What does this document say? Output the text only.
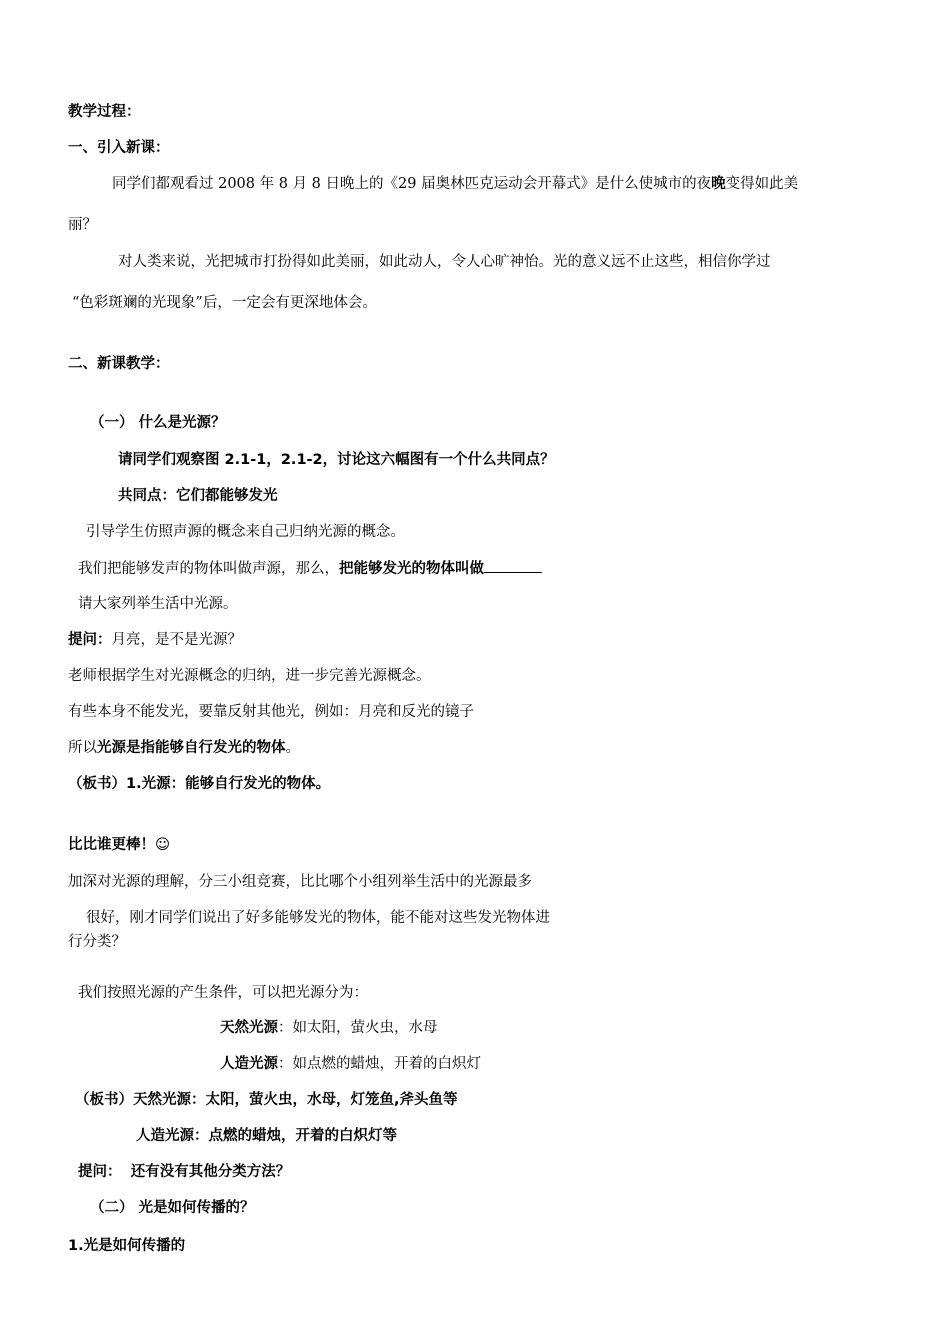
教学过程：
一、引入新课：
同学们都观看过 2008 年 8 月 8 日晚上的《29 届奥林匹克运动会开幕式》是什么使城市的夜晚变得如此美
丽？
对人类来说，光把城市打扮得如此美丽，如此动人，令人心旷神怡。光的意义远不止这些，相信你学过
“色彩斑斓的光现象”后，一定会有更深地体会。
二、新课教学：
（一） 什么是光源？
请同学们观察图 2.1-1，2.1-2，讨论这六幅图有一个什么共同点？
共同点：它们都能够发光
引导学生仿照声源的概念来自己归纳光源的概念。
我们把能够发声的物体叫做声源，那么，把能够发光的物体叫做
请大家列举生活中光源。
提问：月亮，是不是光源？
老师根据学生对光源概念的归纳，进一步完善光源概念。
有些本身不能发光，要靠反射其他光，例如：月亮和反光的镜子
所以光源是指能够自行发光的物体。
（板书）1.光源：能够自行发光的物体。
比比谁更棒！☺
加深对光源的理解，分三小组竞赛，比比哪个小组列举生活中的光源最多
很好，刚才同学们说出了好多能够发光的物体，能不能对这些发光物体进
行分类？
我们按照光源的产生条件，可以把光源分为：
天然光源：如太阳，萤火虫，水母
人造光源：如点燃的蜡烛，开着的白炽灯
（板书）天然光源：太阳，萤火虫，水母，灯笼鱼,斧头鱼等
人造光源：点燃的蜡烛，开着的白炽灯等
提问： 还有没有其他分类方法？
（二） 光是如何传播的？
1.光是如何传播的
